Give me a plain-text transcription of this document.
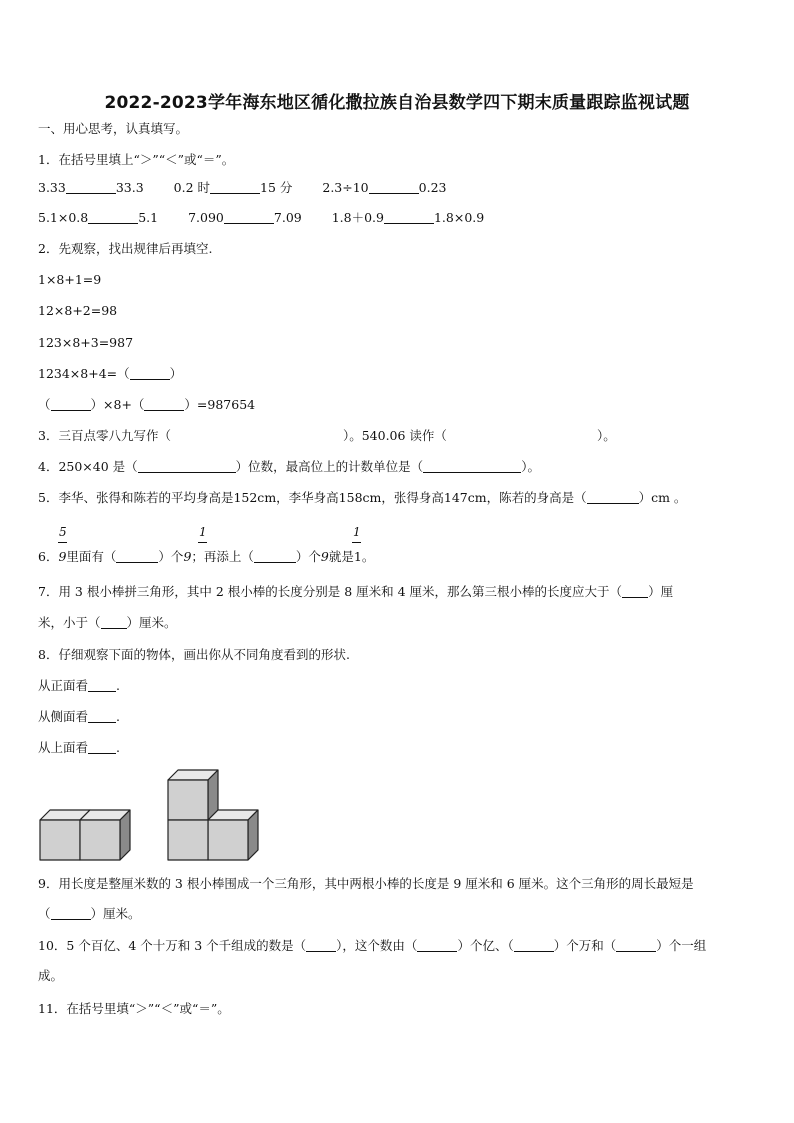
2022-2023学年海东地区循化撒拉族自治县数学四下期末质量跟踪监视试题
一、用心思考，认真填写。
1．在括号里填上“＞”“＜”或“＝”。
3.33	33.3 0.2 时	15 分 2.3÷10	0.23
5.1×0.8	5.1 7.090	7.09 1.8＋0.9	1.8×0.9
2．先观察，找出规律后再填空.
1×8+1=9
12×8+2=98
123×8+3=987
1234×8+4=（	）
（	）×8+（	）=987654
3．三百点零八九写作（	）。540.06 读作（	）。
4．250×40 是（	）位数，最高位上的计数单位是（	）。
5．李华、张得和陈若的平均身高是152cm，李华身高158cm，张得身高147cm，陈若的身高是（	）cm 。
5	1	1
6．9里面有（	）个9；再添上（	）个9就是1。
7．用 3 根小棒拼三角形，其中 2 根小棒的长度分别是 8 厘米和 4 厘米，那么第三根小棒的长度应大于（ ）厘
米，小于（ ）厘米。
8．仔细观察下面的物体，画出你从不同角度看到的形状.
从正面看 .
从侧面看 .
从上面看 .
9．用长度是整厘米数的 3 根小棒围成一个三角形，其中两根小棒的长度是 9 厘米和 6 厘米。这个三角形的周长最短是
（	）厘米。
10．5 个百亿、4 个十万和 3 个千组成的数是（ ），这个数由（	）个亿、（	）个万和（	）个一组
成。
11．在括号里填“＞”“＜”或“＝”。
